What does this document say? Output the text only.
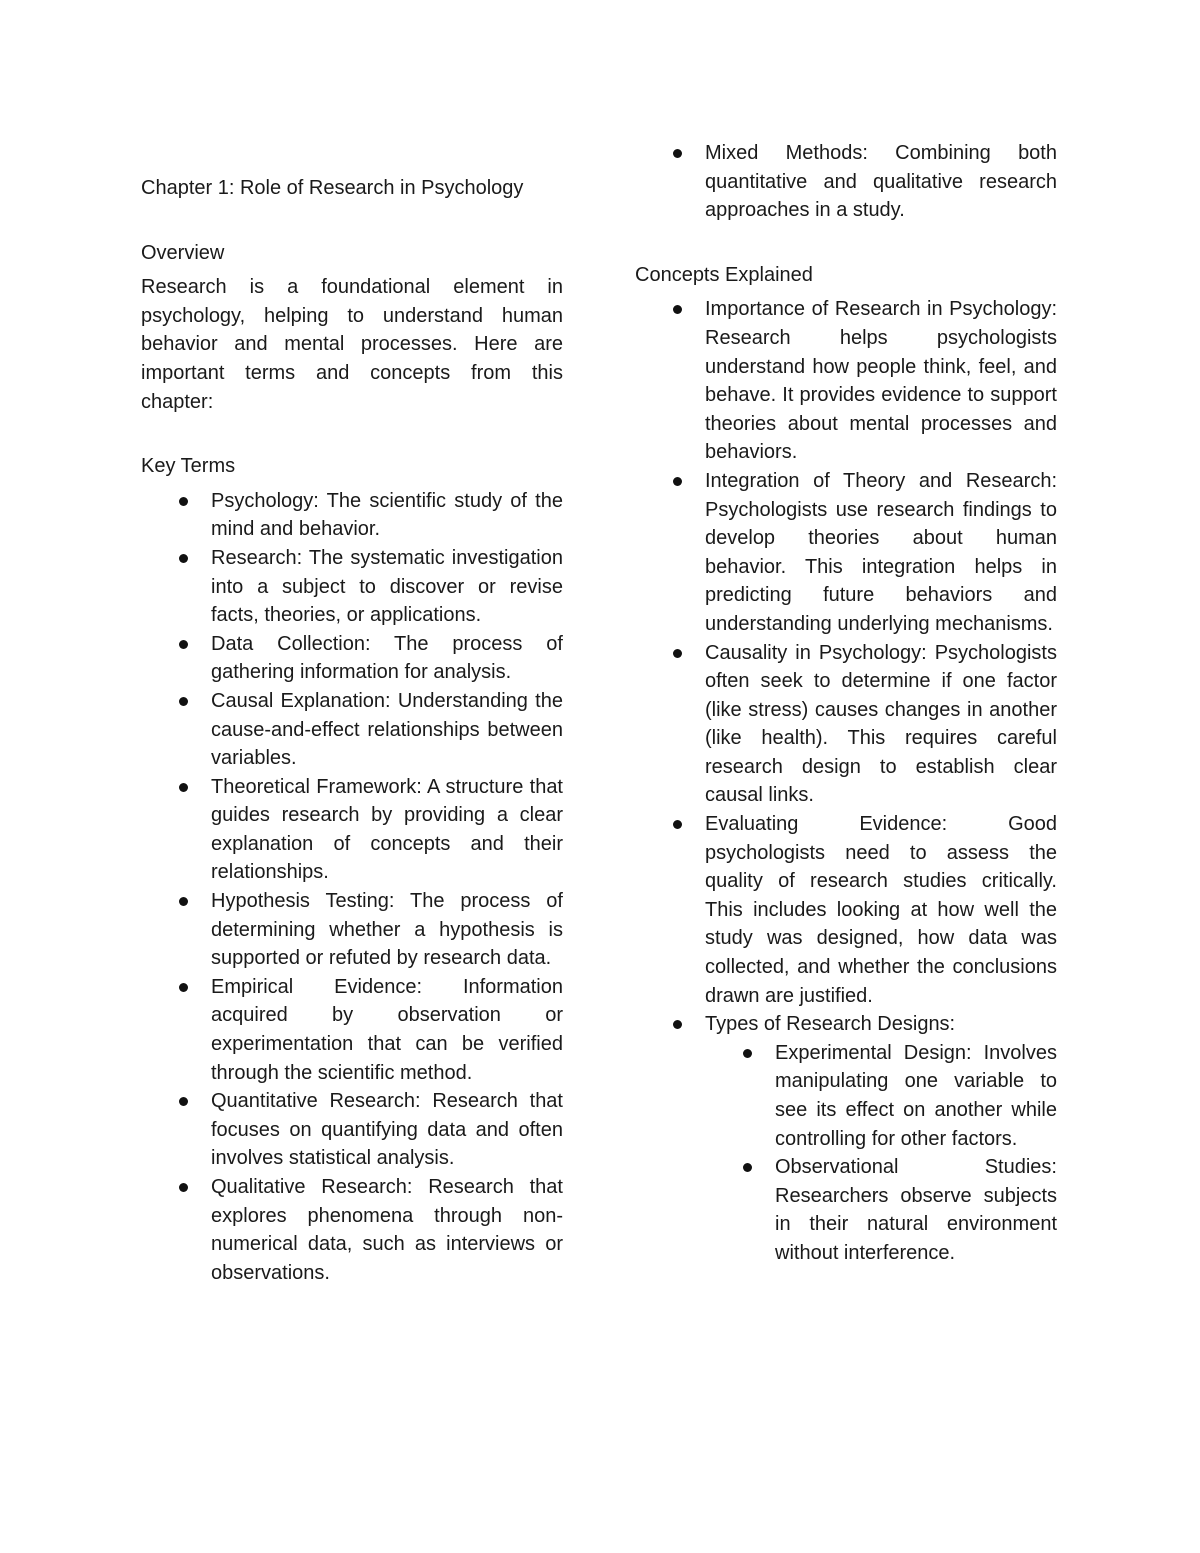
Chapter 1: Role of Research in Psychology

Overview

Research is a foundational element in psychology, helping to understand human behavior and mental processes. Here are important terms and concepts from this chapter:

Key Terms

Psychology: The scientific study of the mind and behavior.
Research: The systematic investigation into a subject to discover or revise facts, theories, or applications.
Data Collection: The process of gathering information for analysis.
Causal Explanation: Understanding the cause-and-effect relationships between variables.
Theoretical Framework: A structure that guides research by providing a clear explanation of concepts and their relationships.
Hypothesis Testing: The process of determining whether a hypothesis is supported or refuted by research data.
Empirical Evidence: Information acquired by observation or experimentation that can be verified through the scientific method.
Quantitative Research: Research that focuses on quantifying data and often involves statistical analysis.
Qualitative Research: Research that explores phenomena through non-numerical data, such as interviews or observations.
Mixed Methods: Combining both quantitative and qualitative research approaches in a study.

Concepts Explained

Importance of Research in Psychology: Research helps psychologists understand how people think, feel, and behave. It provides evidence to support theories about mental processes and behaviors.
Integration of Theory and Research: Psychologists use research findings to develop theories about human behavior. This integration helps in predicting future behaviors and understanding underlying mechanisms.
Causality in Psychology: Psychologists often seek to determine if one factor (like stress) causes changes in another (like health). This requires careful research design to establish clear causal links.
Evaluating Evidence: Good psychologists need to assess the quality of research studies critically. This includes looking at how well the study was designed, how data was collected, and whether the conclusions drawn are justified.
Types of Research Designs:
Experimental Design: Involves manipulating one variable to see its effect on another while controlling for other factors.
Observational Studies: Researchers observe subjects in their natural environment without interference.
